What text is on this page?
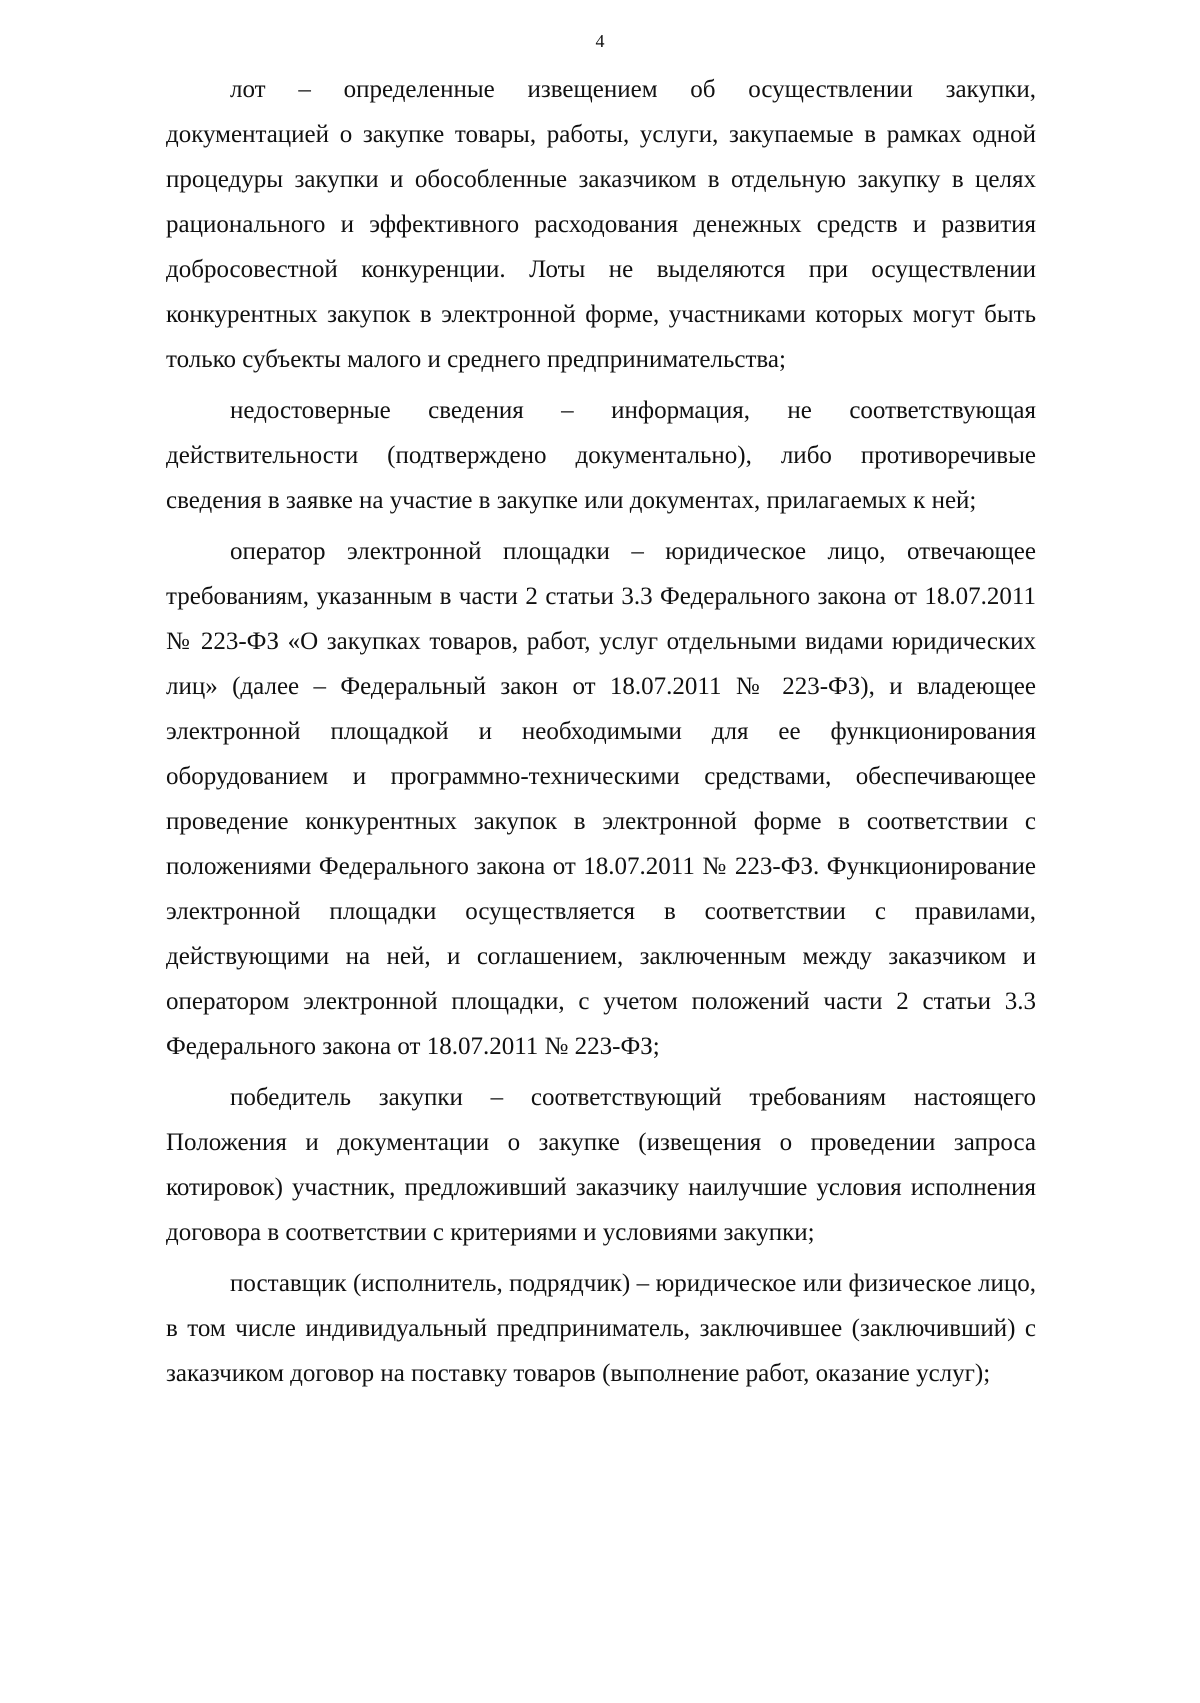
4

лот – определенные извещением об осуществлении закупки, документацией о закупке товары, работы, услуги, закупаемые в рамках одной процедуры закупки и обособленные заказчиком в отдельную закупку в целях рационального и эффективного расходования денежных средств и развития добросовестной конкуренции. Лоты не выделяются при осуществлении конкурентных закупок в электронной форме, участниками которых могут быть только субъекты малого и среднего предпринимательства;

недостоверные сведения – информация, не соответствующая действительности (подтверждено документально), либо противоречивые сведения в заявке на участие в закупке или документах, прилагаемых к ней;

оператор электронной площадки – юридическое лицо, отвечающее требованиям, указанным в части 2 статьи 3.3 Федерального закона от 18.07.2011 № 223-ФЗ «О закупках товаров, работ, услуг отдельными видами юридических лиц» (далее – Федеральный закон от 18.07.2011 № 223-ФЗ), и владеющее электронной площадкой и необходимыми для ее функционирования оборудованием и программно-техническими средствами, обеспечивающее проведение конкурентных закупок в электронной форме в соответствии с положениями Федерального закона от 18.07.2011 № 223-ФЗ. Функционирование электронной площадки осуществляется в соответствии с правилами, действующими на ней, и соглашением, заключенным между заказчиком и оператором электронной площадки, с учетом положений части 2 статьи 3.3 Федерального закона от 18.07.2011 № 223-ФЗ;

победитель закупки – соответствующий требованиям настоящего Положения и документации о закупке (извещения о проведении запроса котировок) участник, предложивший заказчику наилучшие условия исполнения договора в соответствии с критериями и условиями закупки;

поставщик (исполнитель, подрядчик) – юридическое или физическое лицо, в том числе индивидуальный предприниматель, заключившее (заключивший) с заказчиком договор на поставку товаров (выполнение работ, оказание услуг);
